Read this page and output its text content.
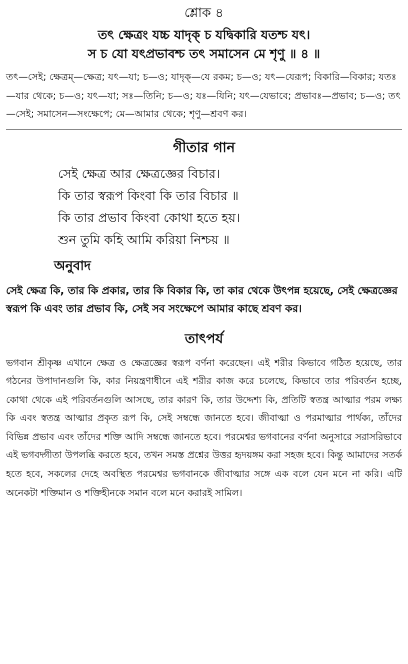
শ্লোক ৪
তৎ ক্ষেত্রং যচ্চ যাদৃক্ চ যদ্বিকারি যতশ্চ যৎ।
স চ যো যৎপ্রভাবশ্চ তৎ সমাসেন মে শৃণু ॥ ৪ ॥
তৎ—সেই; ক্ষেত্রম্—ক্ষেত্র; যৎ—যা; চ—ও; যাদৃক্—যে রকম; চ—ও; যৎ—যেরূপ; বিকারি—বিকার; যতঃ—যার থেকে; চ—ও; যৎ—যা; সঃ—তিনি; চ—ও; যঃ—যিনি; যৎ—যেভাবে; প্রভাবঃ—প্রভাব; চ—ও; তৎ—সেই; সমাসেন—সংক্ষেপে; মে—আমার থেকে; শৃণু—শ্রবণ কর।
গীতার গান
সেই ক্ষেত্র আর ক্ষেত্রজ্ঞের বিচার।
কি তার স্বরূপ কিংবা কি তার বিচার ॥
কি তার প্রভাব কিংবা কোথা হতে হয়।
শুন তুমি কহি আমি করিয়া নিশ্চয় ॥
অনুবাদ
সেই ক্ষেত্র কি, তার কি প্রকার, তার কি বিকার কি, তা কার থেকে উৎপন্ন হয়েছে, সেই ক্ষেত্রজ্ঞের স্বরূপ কি এবং তার প্রভাব কি, সেই সব সংক্ষেপে আমার কাছে শ্রবণ কর।
তাৎপর্য
ভগবান শ্রীকৃষ্ণ এখানে ক্ষেত্র ও ক্ষেত্রজ্ঞের স্বরূপ বর্ণনা করেছেন। এই শরীর কিভাবে গঠিত হয়েছে, তার গঠনের উপাদানগুলি কি, কার নিয়ন্ত্রণাধীনে এই শরীর কাজ করে চলেছে, কিভাবে তার পরিবর্তন হচ্ছে, কোথা থেকে এই পরিবর্তনগুলি আসছে, তার কারণ কি, তার উদ্দেশ্য কি, প্রতিটি স্বতন্ত্র আত্মার পরম লক্ষ্য কি এবং স্বতন্ত্র আত্মার প্রকৃত রূপ কি, সেই সম্বন্ধে জানতে হবে। জীবাত্মা ও পরমাত্মার পার্থক্য, তাঁদের বিভিন্ন প্রভাব এবং তাঁদের শক্তি আদি সম্বন্ধে জানতে হবে। পরমেশ্বর ভগবানের বর্ণনা অনুসারে সরাসরিভাবে এই ভগবদ্গীতা উপলব্ধি করতে হবে, তখন সমস্ত প্রশ্নের উত্তর হৃদয়ঙ্গম করা সহজ হবে। কিন্তু আমাদের সতর্ক হতে হবে, সকলের দেহে অবস্থিত পরমেশ্বর ভগবানকে জীবাত্মার সঙ্গে এক বলে যেন মনে না করি। এটি অনেকটা শক্তিমান ও শক্তিহীনকে সমান বলে মনে করারই সামিল।
